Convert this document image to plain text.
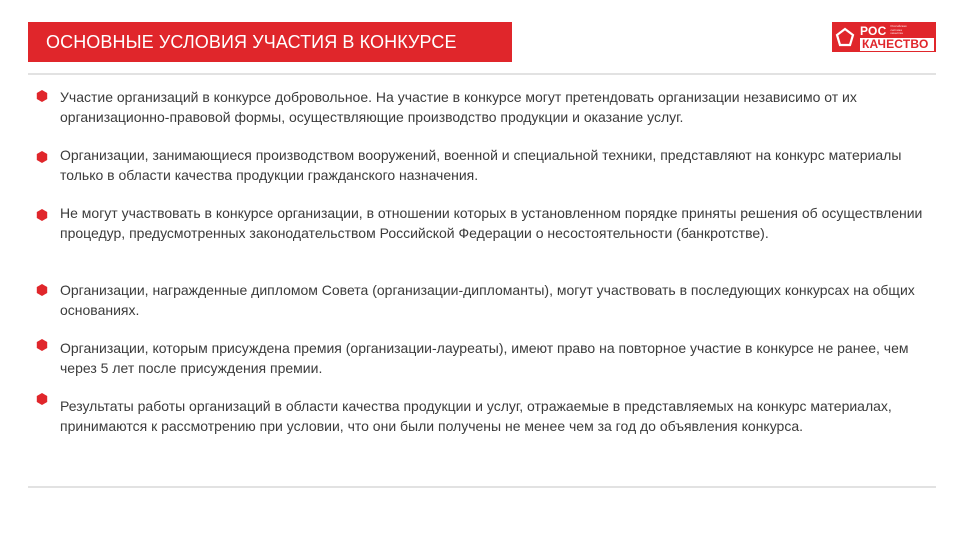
ОСНОВНЫЕ УСЛОВИЯ УЧАСТИЯ В КОНКУРСЕ
РОС Российская
система
качества
КАЧЕСТВО
Участие организаций в конкурсе добровольное. На участие в конкурсе могут претендовать организации независимо от их организационно-правовой формы, осуществляющие производство продукции и оказание услуг.
Организации, занимающиеся производством вооружений, военной и специальной техники, представляют на конкурс материалы только в области качества продукции гражданского назначения.
Не могут участвовать в конкурсе организации, в отношении которых в установленном порядке приняты решения об осуществлении процедур, предусмотренных законодательством Российской Федерации о несостоятельности (банкротстве).
Организации, награжденные дипломом Совета (организации-дипломанты), могут участвовать в последующих конкурсах на общих основаниях.
Организации, которым присуждена премия (организации-лауреаты), имеют право на повторное участие в конкурсе не ранее, чем через 5 лет после присуждения премии.
Результаты работы организаций в области качества продукции и услуг, отражаемые в представляемых на конкурс материалах, принимаются к рассмотрению при условии, что они были получены не менее чем за год до объявления конкурса.
